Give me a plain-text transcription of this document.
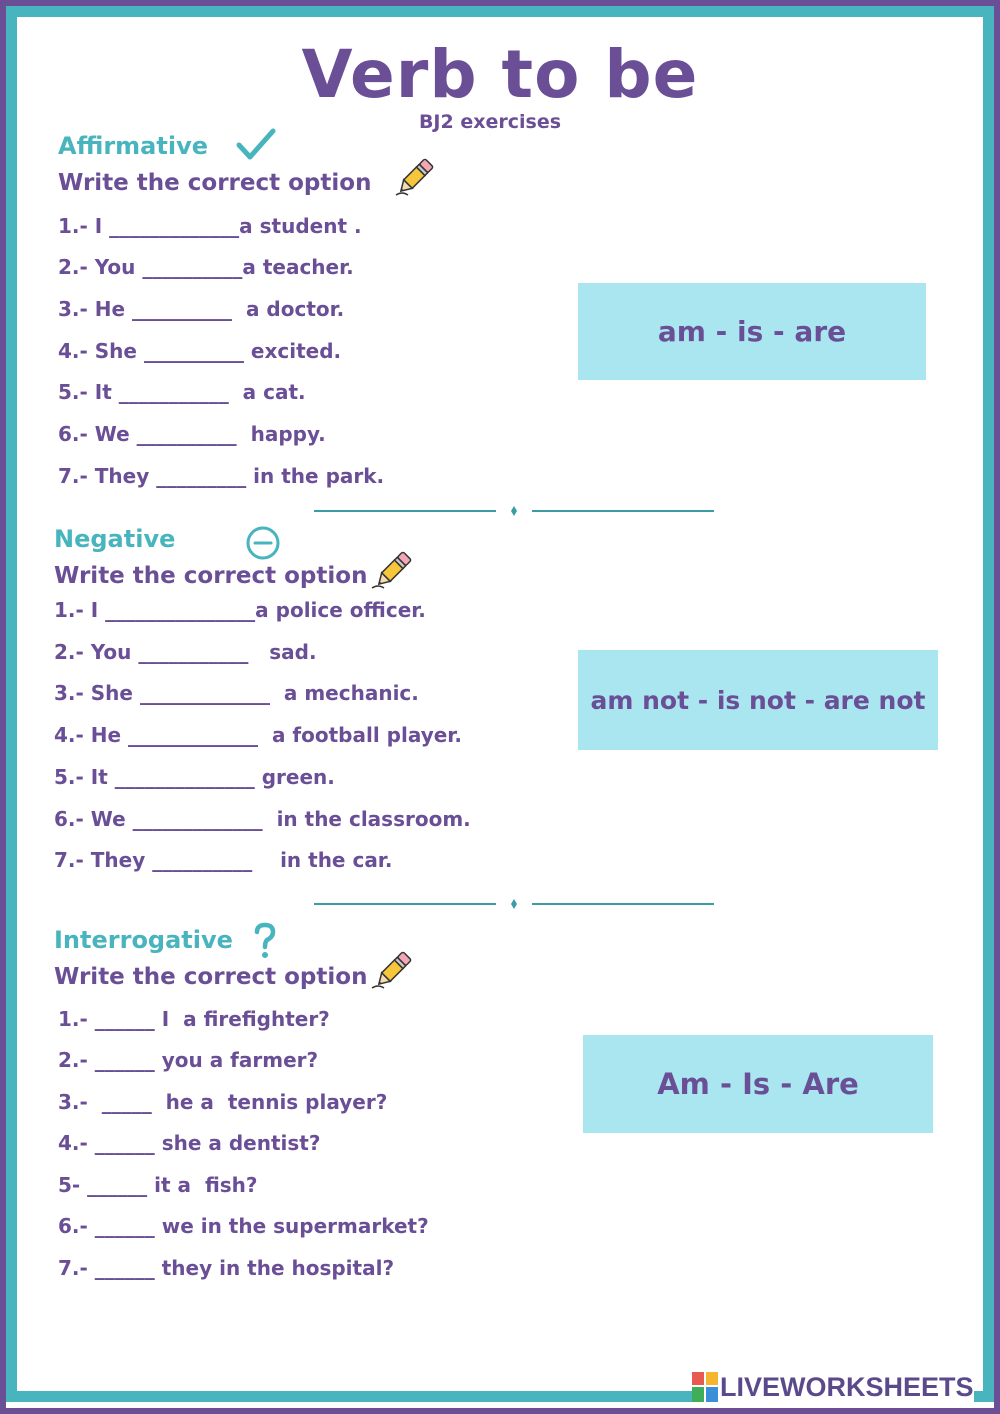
Verb to be
BJ2 exercises
Affirmative
Write the correct option
1.- I _____________a student .
2.- You __________a teacher.
3.- He __________  a doctor.
4.- She __________ excited.
5.- It ___________  a cat.
6.- We __________  happy.
7.- They _________ in the park.
am - is - are
Negative
Write the correct option
1.- I _______________a police officer.
2.- You ___________   sad.
3.- She _____________  a mechanic.
4.- He _____________  a football player.
5.- It ______________ green.
6.- We _____________  in the classroom.
7.- They __________    in the car.
am not - is not - are not
Interrogative
Write the correct option
1.- ______ I  a firefighter?
2.- ______ you a farmer?
3.-  _____  he a  tennis player?
4.- ______ she a dentist?
5- ______ it a  fish?
6.- ______ we in the supermarket?
7.- ______ they in the hospital?
Am - Is - Are
LIVEWORKSHEETS
